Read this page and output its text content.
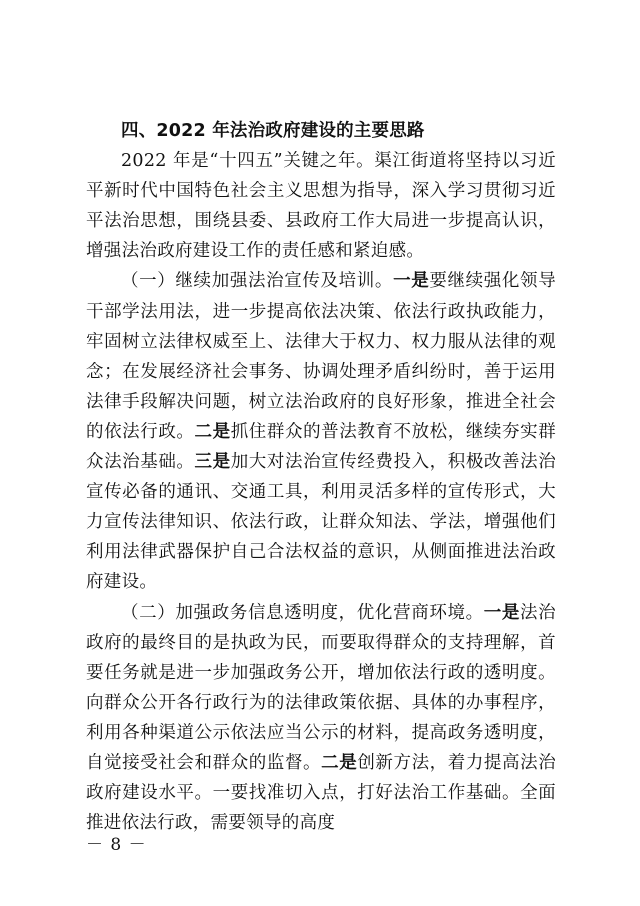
四、2022 年法治政府建设的主要思路

2022 年是“十四五”关键之年。渠江街道将坚持以习近平新时代中国特色社会主义思想为指导，深入学习贯彻习近平法治思想，围绕县委、县政府工作大局进一步提高认识，增强法治政府建设工作的责任感和紧迫感。

（一）继续加强法治宣传及培训。一是要继续强化领导干部学法用法，进一步提高依法决策、依法行政执政能力，牢固树立法律权威至上、法律大于权力、权力服从法律的观念；在发展经济社会事务、协调处理矛盾纠纷时，善于运用法律手段解决问题，树立法治政府的良好形象，推进全社会的依法行政。二是抓住群众的普法教育不放松，继续夯实群众法治基础。三是加大对法治宣传经费投入，积极改善法治宣传必备的通讯、交通工具，利用灵活多样的宣传形式，大力宣传法律知识、依法行政，让群众知法、学法，增强他们利用法律武器保护自己合法权益的意识，从侧面推进法治政府建设。

（二）加强政务信息透明度，优化营商环境。一是法治政府的最终目的是执政为民，而要取得群众的支持理解，首要任务就是进一步加强政务公开，增加依法行政的透明度。向群众公开各行政行为的法律政策依据、具体的办事程序，利用各种渠道公示依法应当公示的材料，提高政务透明度，自觉接受社会和群众的监督。二是创新方法，着力提高法治政府建设水平。一要找准切入点，打好法治工作基础。全面推进依法行政，需要领导的高度

－ 8 －
